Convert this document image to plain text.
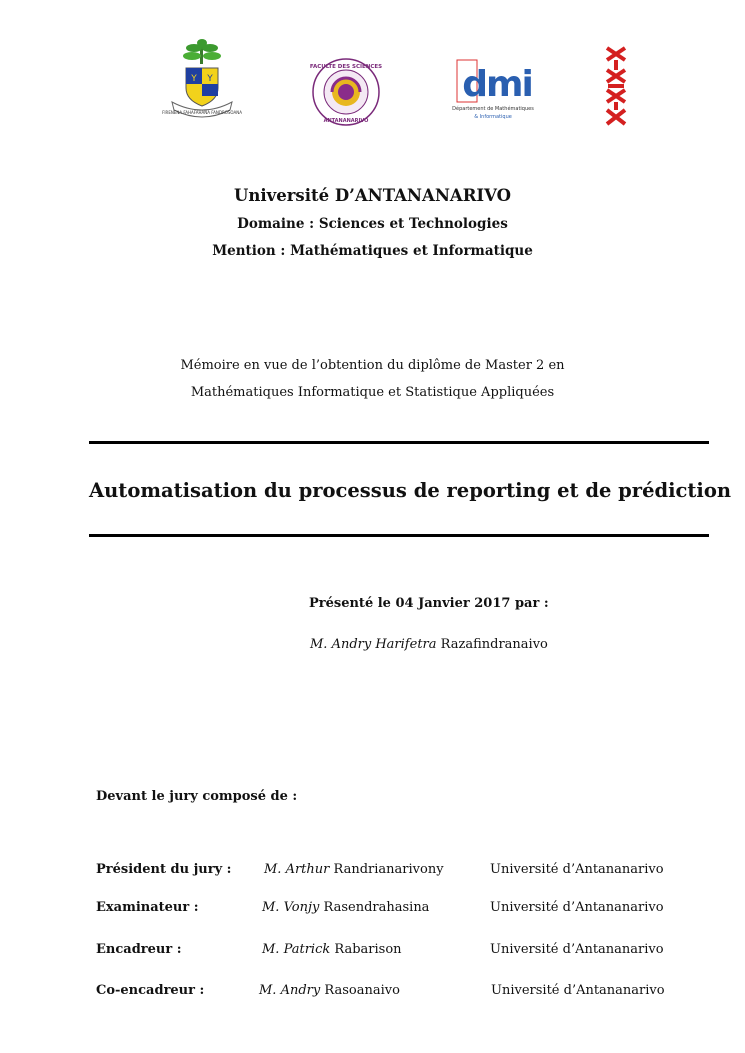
Y Y
FIRENENA FAHAFAHANA FANDROSOANA
FACULTE DES SCIENCES
ANTANANARIVO
dmi
Département de Mathématiques
& Informatique
Université D’ANTANANARIVO
Domaine : Sciences et Technologies
Mention : Mathématiques et Informatique
Mémoire en vue de l’obtention du diplôme de Master 2 en
Mathématiques Informatique et Statistique Appliquées
Automatisation du processus de reporting et de prédiction
Présenté le 04 Janvier 2017 par :
M. Andry Harifetra Razafindranaivo
Devant le jury composé de :
Président du jury :	M. Arthur Randrianarivony	Université d’Antananarivo
Examinateur :	M. Vonjy Rasendrahasina	Université d’Antananarivo
Encadreur :	M. Patrick Rabarison	Université d’Antananarivo
Co-encadreur :	M. Andry Rasoanaivo	Université d’Antananarivo
